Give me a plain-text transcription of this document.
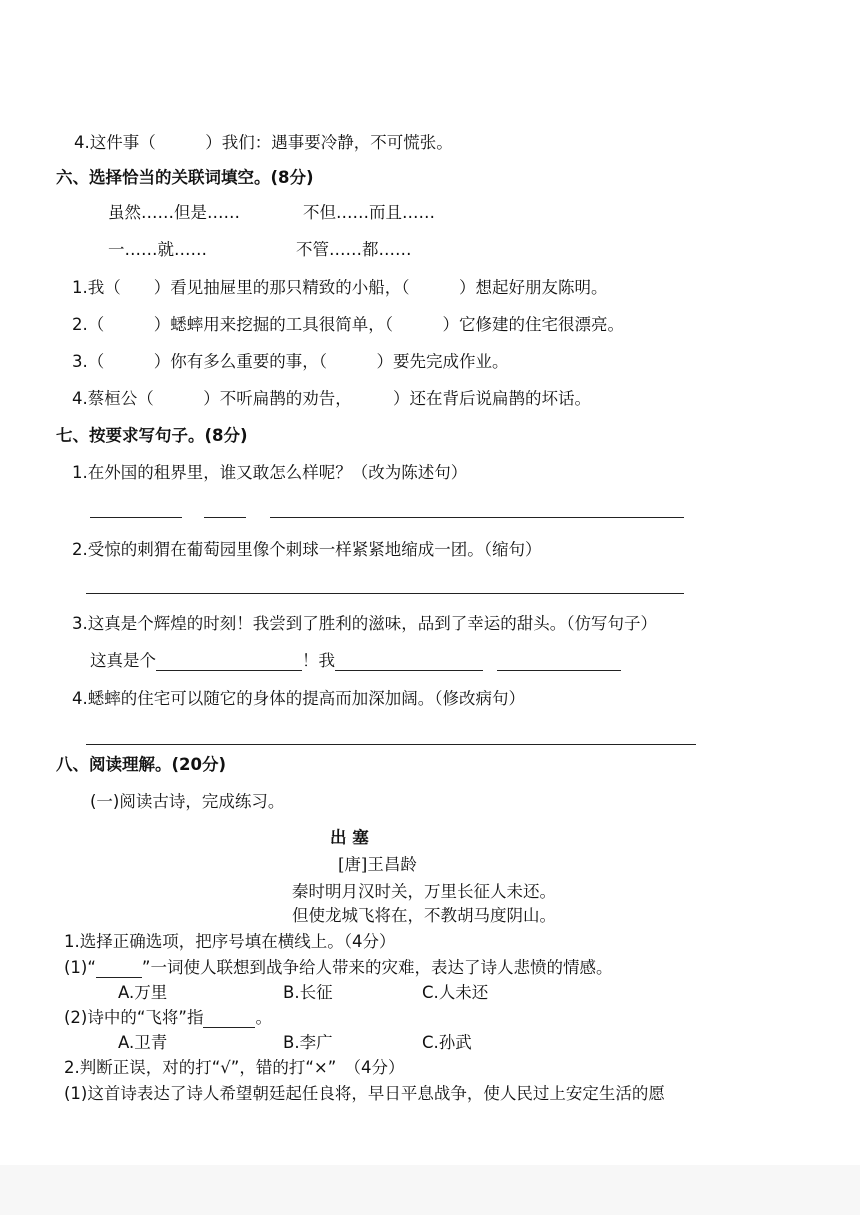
4.这件事（　　　）我们：遇事要冷静，不可慌张。
六、选择恰当的关联词填空。(8分)
虽然……但是……	不但……而且……
一……就……	不管……都……
1.我（　　）看见抽屉里的那只精致的小船，（　　　）想起好朋友陈明。
2.（　　　）蟋蟀用来挖掘的工具很简单，（　　　）它修建的住宅很漂亮。
3.（　　　）你有多么重要的事，（　　　）要先完成作业。
4.蔡桓公（　　　）不听扁鹊的劝告，　　　）还在背后说扁鹊的坏话。
七、按要求写句子。(8分)
1.在外国的租界里，谁又敢怎么样呢？（改为陈述句）
2.受惊的刺猬在葡萄园里像个刺球一样紧紧地缩成一团。（缩句）
3.这真是个辉煌的时刻！我尝到了胜利的滋味，品到了幸运的甜头。（仿写句子）
这真是个	！我
4.蟋蟀的住宅可以随它的身体的提高而加深加阔。（修改病句）
八、阅读理解。(20分)
(一)阅读古诗，完成练习。
出 塞
[唐]王昌龄
秦时明月汉时关，万里长征人未还。
但使龙城飞将在，不教胡马度阴山。
1.选择正确选项，把序号填在横线上。（4分）
(1)“	”一词使人联想到战争给人带来的灾难，表达了诗人悲愤的情感。
A.万里	B.长征	C.人未还
(2)诗中的“飞将”指	。
A.卫青	B.李广	C.孙武
2.判断正误，对的打“√”，错的打“×”　（4分）
(1)这首诗表达了诗人希望朝廷起任良将，早日平息战争，使人民过上安定生活的愿
